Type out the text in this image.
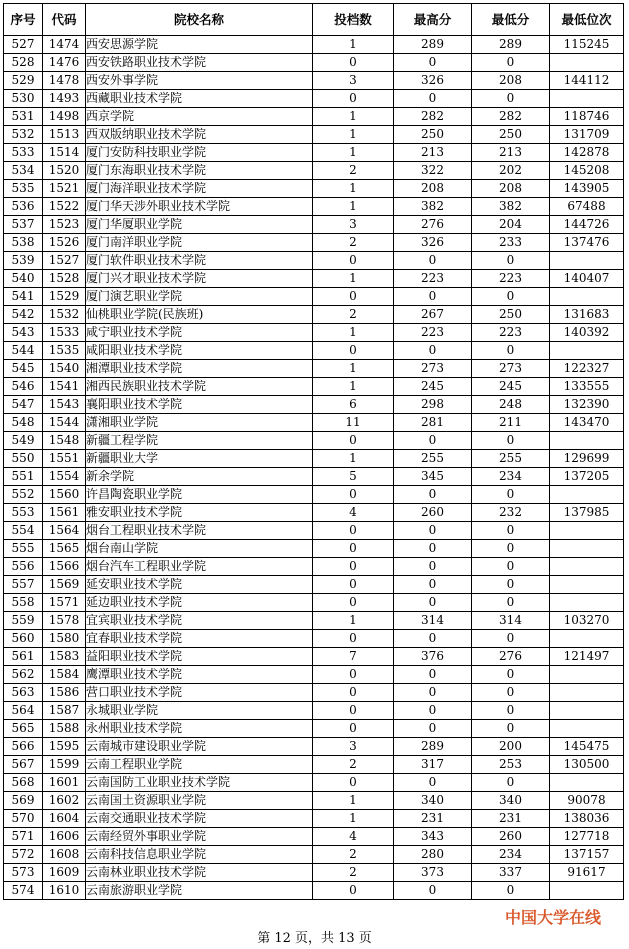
序号	代码	院校名称	投档数	最高分	最低分	最低位次
527	1474	西安思源学院	1	289	289	115245
528	1476	西安铁路职业技术学院	0	0	0	
529	1478	西安外事学院	3	326	208	144112
530	1493	西藏职业技术学院	0	0	0	
531	1498	西京学院	1	282	282	118746
532	1513	西双版纳职业技术学院	1	250	250	131709
533	1514	厦门安防科技职业学院	1	213	213	142878
534	1520	厦门东海职业技术学院	2	322	202	145208
535	1521	厦门海洋职业技术学院	1	208	208	143905
536	1522	厦门华天涉外职业技术学院	1	382	382	67488
537	1523	厦门华厦职业学院	3	276	204	144726
538	1526	厦门南洋职业学院	2	326	233	137476
539	1527	厦门软件职业技术学院	0	0	0	
540	1528	厦门兴才职业技术学院	1	223	223	140407
541	1529	厦门演艺职业学院	0	0	0	
542	1532	仙桃职业学院(民族班)	2	267	250	131683
543	1533	咸宁职业技术学院	1	223	223	140392
544	1535	咸阳职业技术学院	0	0	0	
545	1540	湘潭职业技术学院	1	273	273	122327
546	1541	湘西民族职业技术学院	1	245	245	133555
547	1543	襄阳职业技术学院	6	298	248	132390
548	1544	潇湘职业学院	11	281	211	143470
549	1548	新疆工程学院	0	0	0	
550	1551	新疆职业大学	1	255	255	129699
551	1554	新余学院	5	345	234	137205
552	1560	许昌陶瓷职业学院	0	0	0	
553	1561	雅安职业技术学院	4	260	232	137985
554	1564	烟台工程职业技术学院	0	0	0	
555	1565	烟台南山学院	0	0	0	
556	1566	烟台汽车工程职业学院	0	0	0	
557	1569	延安职业技术学院	0	0	0	
558	1571	延边职业技术学院	0	0	0	
559	1578	宜宾职业技术学院	1	314	314	103270
560	1580	宜春职业技术学院	0	0	0	
561	1583	益阳职业技术学院	7	376	276	121497
562	1584	鹰潭职业技术学院	0	0	0	
563	1586	营口职业技术学院	0	0	0	
564	1587	永城职业学院	0	0	0	
565	1588	永州职业技术学院	0	0	0	
566	1595	云南城市建设职业学院	3	289	200	145475
567	1599	云南工程职业学院	2	317	253	130500
568	1601	云南国防工业职业技术学院	0	0	0	
569	1602	云南国土资源职业学院	1	340	340	90078
570	1604	云南交通职业技术学院	1	231	231	138036
571	1606	云南经贸外事职业学院	4	343	260	127718
572	1608	云南科技信息职业学院	2	280	234	137157
573	1609	云南林业职业技术学院	2	373	337	91617
574	1610	云南旅游职业学院	0	0	0	
中国大学在线
第 12 页，共 13 页
